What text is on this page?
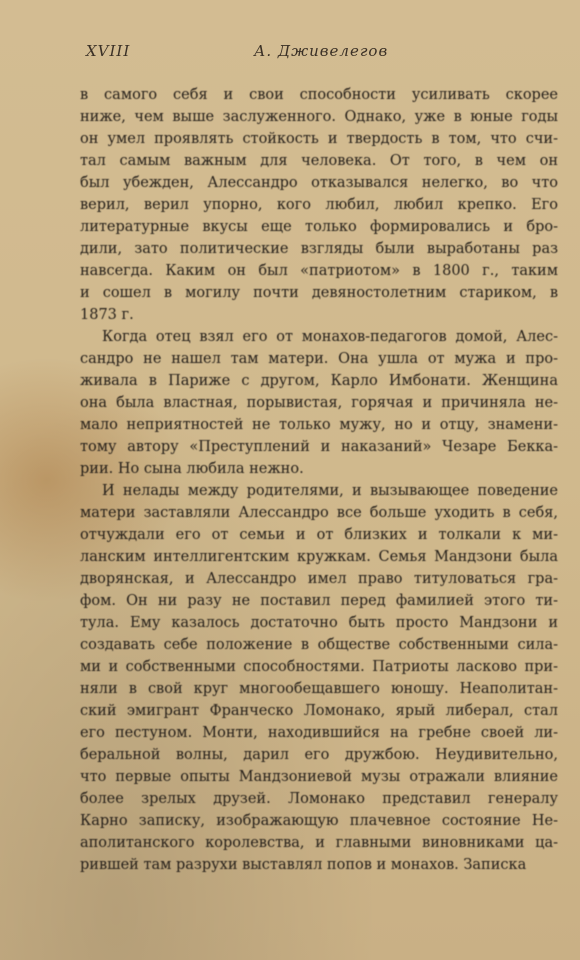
XVIII	А. Дживелегов
в самого себя и свои способности усиливать скорее
ниже, чем выше заслуженного. Однако, уже в юные годы
он умел проявлять стойкость и твердость в том, что счи-
тал самым важным для человека. От того, в чем он
был убежден, Алессандро отказывался нелегко, во что
верил, верил упорно, кого любил, любил крепко. Его
литературные вкусы еще только формировались и бро-
дили, зато политические взгляды были выработаны раз
навсегда. Каким он был «патриотом» в 1800 г., таким
и сошел в могилу почти девяностолетним стариком, в
1873 г.
Когда отец взял его от монахов-педагогов домой, Алес-
сандро не нашел там матери. Она ушла от мужа и про-
живала в Париже с другом, Карло Имбонати. Женщина
она была властная, порывистая, горячая и причиняла не-
мало неприятностей не только мужу, но и отцу, знамени-
тому автору «Преступлений и наказаний» Чезаре Бекка-
рии. Но сына любила нежно.
И нелады между родителями, и вызывающее поведение
матери заставляли Алессандро все больше уходить в себя,
отчуждали его от семьи и от близких и толкали к ми-
ланским интеллигентским кружкам. Семья Мандзони была
дворянская, и Алессандро имел право титуловаться гра-
фом. Он ни разу не поставил перед фамилией этого ти-
тула. Ему казалось достаточно быть просто Мандзони и
создавать себе положение в обществе собственными сила-
ми и собственными способностями. Патриоты ласково при-
няли в свой круг многообещавшего юношу. Неаполитан-
ский эмигрант Франческо Ломонако, ярый либерал, стал
его пестуном. Монти, находившийся на гребне своей ли-
беральной волны, дарил его дружбою. Неудивительно,
что первые опыты Мандзониевой музы отражали влияние
более зрелых друзей. Ломонако представил генералу
Карно записку, изображающую плачевное состояние Не-
аполитанского королевства, и главными виновниками ца-
рившей там разрухи выставлял попов и монахов. Записка
